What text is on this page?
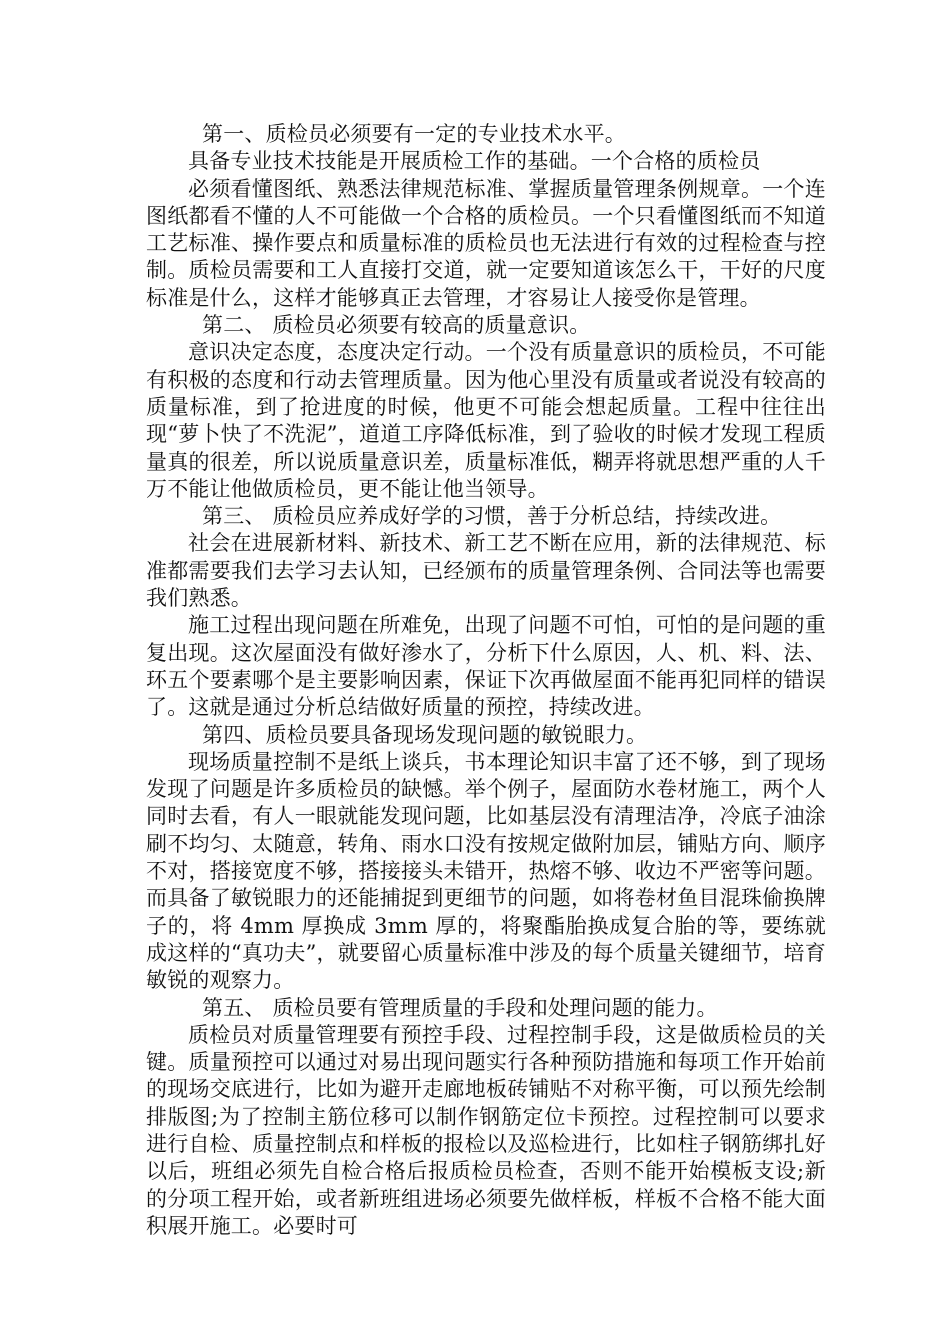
第一、质检员必须要有一定的专业技术水平。

具备专业技术技能是开展质检工作的基础。一个合格的质检员

必须看懂图纸、熟悉法律规范标准、掌握质量管理条例规章。一个连图纸都看不懂的人不可能做一个合格的质检员。一个只看懂图纸而不知道工艺标准、操作要点和质量标准的质检员也无法进行有效的过程检查与控制。质检员需要和工人直接打交道，就一定要知道该怎么干，干好的尺度标准是什么，这样才能够真正去管理，才容易让人接受你是管理。

第二、 质检员必须要有较高的质量意识。

意识决定态度，态度决定行动。一个没有质量意识的质检员，不可能有积极的态度和行动去管理质量。因为他心里没有质量或者说没有较高的质量标准，到了抢进度的时候，他更不可能会想起质量。工程中往往出现“萝卜快了不洗泥”，道道工序降低标准，到了验收的时候才发现工程质量真的很差，所以说质量意识差，质量标准低，糊弄将就思想严重的人千万不能让他做质检员，更不能让他当领导。

第三、 质检员应养成好学的习惯，善于分析总结，持续改进。

社会在进展新材料、新技术、新工艺不断在应用，新的法律规范、标准都需要我们去学习去认知，已经颁布的质量管理条例、合同法等也需要我们熟悉。

施工过程出现问题在所难免，出现了问题不可怕，可怕的是问题的重复出现。这次屋面没有做好渗水了，分析下什么原因，人、机、料、法、环五个要素哪个是主要影响因素，保证下次再做屋面不能再犯同样的错误了。这就是通过分析总结做好质量的预控，持续改进。

第四、质检员要具备现场发现问题的敏锐眼力。

现场质量控制不是纸上谈兵，书本理论知识丰富了还不够，到了现场发现了问题是许多质检员的缺憾。举个例子，屋面防水卷材施工，两个人同时去看，有人一眼就能发现问题，比如基层没有清理洁净，冷底子油涂刷不均匀、太随意，转角、雨水口没有按规定做附加层，铺贴方向、顺序不对，搭接宽度不够，搭接接头未错开，热熔不够、收边不严密等问题。而具备了敏锐眼力的还能捕捉到更细节的问题，如将卷材鱼目混珠偷换牌子的，将 4mm 厚换成 3mm 厚的，将聚酯胎换成复合胎的等，要练就成这样的“真功夫”，就要留心质量标准中涉及的每个质量关键细节，培育敏锐的观察力。

第五、 质检员要有管理质量的手段和处理问题的能力。

质检员对质量管理要有预控手段、过程控制手段，这是做质检员的关键。质量预控可以通过对易出现问题实行各种预防措施和每项工作开始前的现场交底进行，比如为避开走廊地板砖铺贴不对称平衡，可以预先绘制排版图;为了控制主筋位移可以制作钢筋定位卡预控。过程控制可以要求进行自检、质量控制点和样板的报检以及巡检进行，比如柱子钢筋绑扎好以后，班组必须先自检合格后报质检员检查，否则不能开始模板支设;新的分项工程开始，或者新班组进场必须要先做样板，样板不合格不能大面积展开施工。必要时可
